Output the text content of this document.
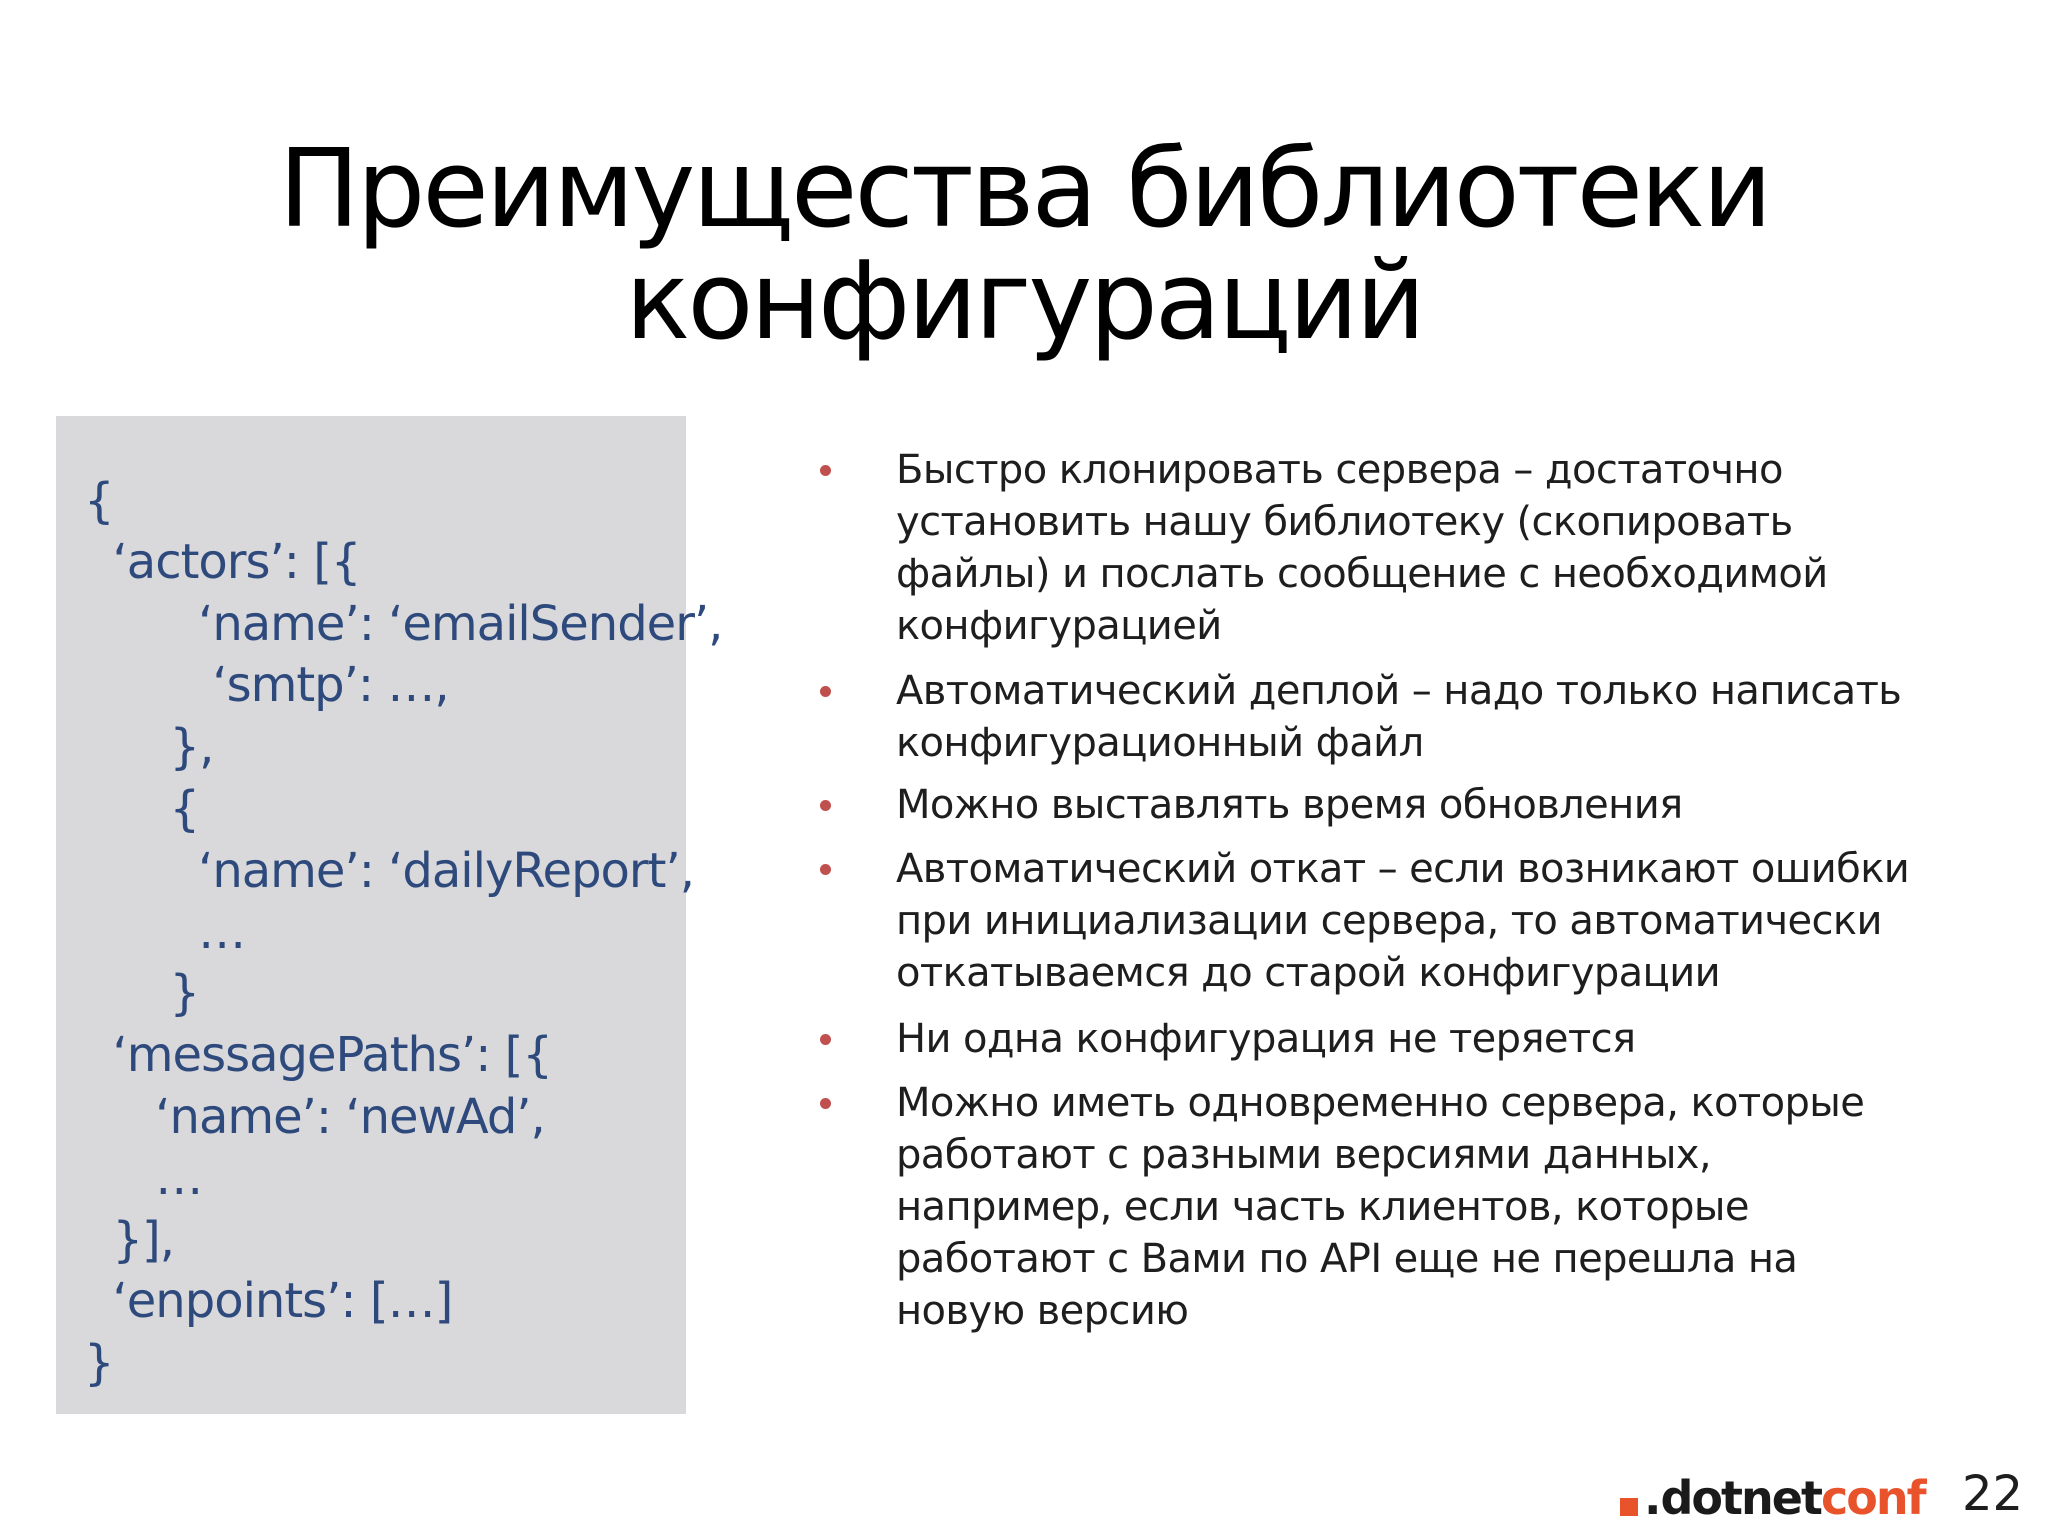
Преимущества библиотеки
конфигураций
{
‘actors’: [{
‘name’: ‘emailSender’,
‘smtp’: …,
},
{
‘name’: ‘dailyReport’,
…
}
‘messagePaths’: [{
‘name’: ‘newAd’,
…
}],
‘enpoints’: […]
}
Быстро клонировать сервера – достаточно
установить нашу библиотеку (скопировать
файлы) и послать сообщение с необходимой
конфигурацией
Автоматический деплой – надо только написать
конфигурационный файл
Можно выставлять время обновления
Автоматический откат – если возникают ошибки
при инициализации сервера, то автоматически
откатываемся до старой конфигурации
Ни одна конфигурация не теряется
Можно иметь одновременно сервера, которые
работают с разными версиями данных,
например, если часть клиентов, которые
работают с Вами по API еще не перешла на
новую версию
. dotnet conf 22
